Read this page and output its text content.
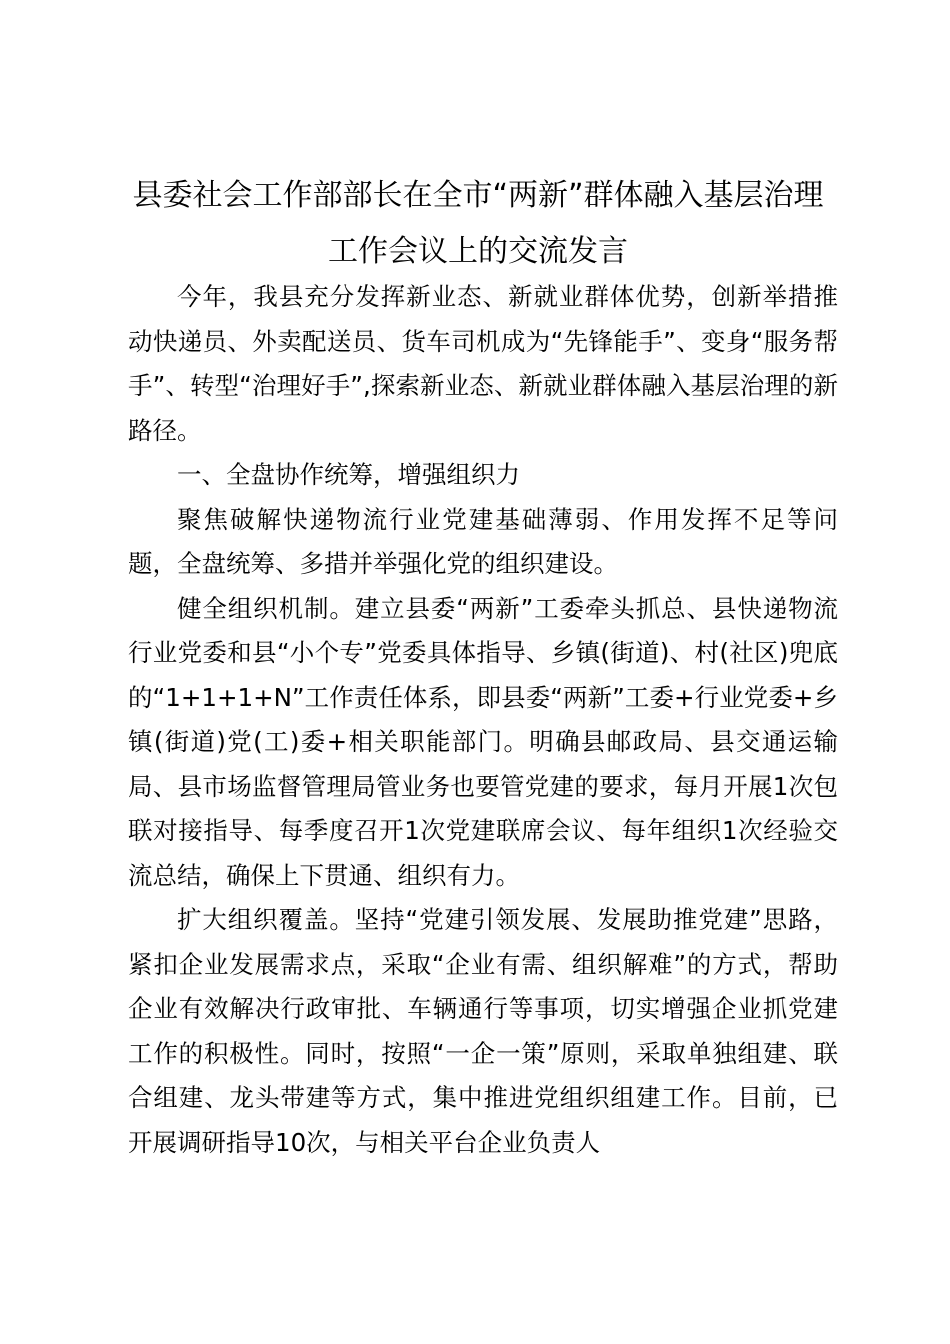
县委社会工作部部长在全市“两新”群体融入基层治理工作会议上的交流发言

今年，我县充分发挥新业态、新就业群体优势，创新举措推动快递员、外卖配送员、货车司机成为“先锋能手”、变身“服务帮手”、转型“治理好手”,探索新业态、新就业群体融入基层治理的新路径。

一、全盘协作统筹，增强组织力

聚焦破解快递物流行业党建基础薄弱、作用发挥不足等问题，全盘统筹、多措并举强化党的组织建设。

健全组织机制。建立县委“两新”工委牵头抓总、县快递物流行业党委和县“小个专”党委具体指导、乡镇(街道)、村(社区)兜底的“1+1+1+N”工作责任体系，即县委“两新”工委+行业党委+乡镇(街道)党(工)委+相关职能部门。明确县邮政局、县交通运输局、县市场监督管理局管业务也要管党建的要求，每月开展1次包联对接指导、每季度召开1次党建联席会议、每年组织1次经验交流总结，确保上下贯通、组织有力。

扩大组织覆盖。坚持“党建引领发展、发展助推党建”思路，紧扣企业发展需求点，采取“企业有需、组织解难”的方式，帮助企业有效解决行政审批、车辆通行等事项，切实增强企业抓党建工作的积极性。同时，按照“一企一策”原则，采取单独组建、联合组建、龙头带建等方式，集中推进党组织组建工作。目前，已开展调研指导10次，与相关平台企业负责人
